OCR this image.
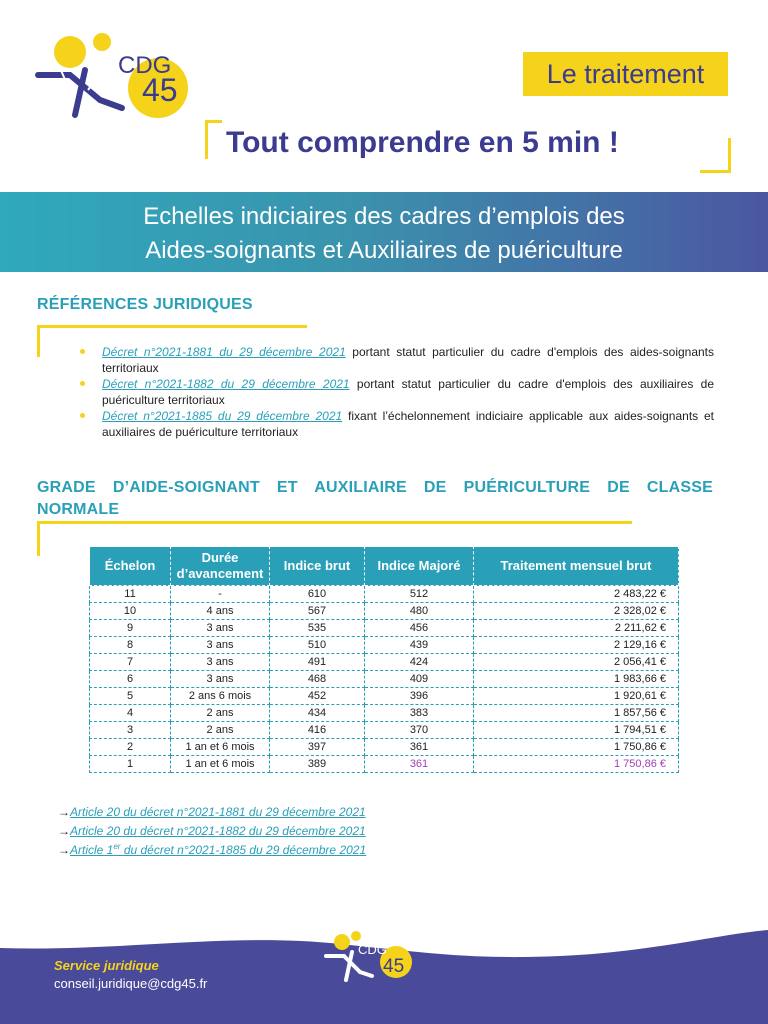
CDG
45	Le traitement
Tout comprendre en 5 min !
Echelles indiciaires des cadres d’emplois des
Aides-soignants et Auxiliaires de puériculture
RÉFÉRENCES JURIDIQUES
Décret n°2021-1881 du 29 décembre 2021 portant statut particulier du cadre d'emplois des aides-soignants territoriaux
Décret n°2021-1882 du 29 décembre 2021 portant statut particulier du cadre d'emplois des auxiliaires de puériculture territoriaux
Décret n°2021-1885 du 29 décembre 2021 fixant l’échelonnement indiciaire applicable aux aides-soignants et auxiliaires de puériculture territoriaux
GRADE D’AIDE-SOIGNANT ET AUXILIAIRE DE PUÉRICULTURE DE CLASSE NORMALE
Échelon	Durée d’avancement	Indice brut	Indice Majoré	Traitement mensuel brut
11	-	610	512	2 483,22 €
10	4 ans	567	480	2 328,02 €
9	3 ans	535	456	2 211,62 €
8	3 ans	510	439	2 129,16 €
7	3 ans	491	424	2 056,41 €
6	3 ans	468	409	1 983,66 €
5	2 ans 6 mois	452	396	1 920,61 €
4	2 ans	434	383	1 857,56 €
3	2 ans	416	370	1 794,51 €
2	1 an et 6 mois	397	361	1 750,86 €
1	1 an et 6 mois	389	361	1 750,86 €
→Article 20 du décret n°2021-1881 du 29 décembre 2021
→Article 20 du décret n°2021-1882 du 29 décembre 2021
→Article 1er du décret n°2021-1885 du 29 décembre 2021
Service juridique
conseil.juridique@cdg45.fr
CDG
45
